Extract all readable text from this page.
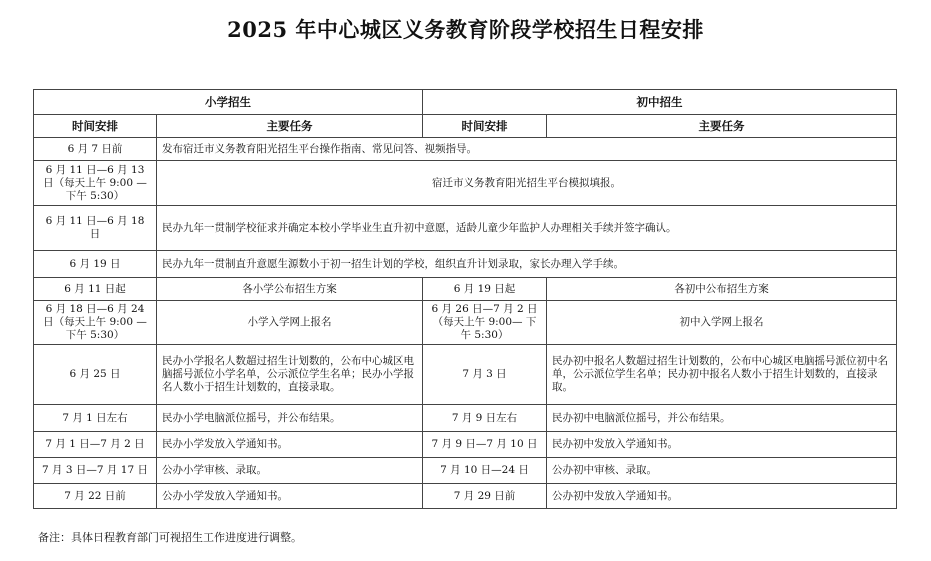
2025 年中心城区义务教育阶段学校招生日程安排
小学招生		初中招生	
时间安排	主要任务	时间安排	主要任务
6 月 7 日前	发布宿迁市义务教育阳光招生平台操作指南、常见问答、视频指导。		
6 月 11 日—6 月 13 日（每天上午 9:00 —下午 5:30）	宿迁市义务教育阳光招生平台模拟填报。		
6 月 11 日—6 月 18 日	民办九年一贯制学校征求并确定本校小学毕业生直升初中意愿，适龄儿童少年监护人办理相关手续并签字确认。		
6 月 19 日	民办九年一贯制直升意愿生源数小于初一招生计划的学校，组织直升计划录取，家长办理入学手续。		
6 月 11 日起	各小学公布招生方案	6 月 19 日起	各初中公布招生方案
6 月 18 日—6 月 24 日（每天上午 9:00 —下午 5:30）	小学入学网上报名	6 月 26 日—7 月 2 日（每天上午 9:00— 下午 5:30）	初中入学网上报名
6 月 25 日	民办小学报名人数超过招生计划数的，公布中心城区电脑摇号派位小学名单，公示派位学生名单；民办小学报名人数小于招生计划数的，直接录取。	7 月 3 日	民办初中报名人数超过招生计划数的，公布中心城区电脑摇号派位初中名单，公示派位学生名单；民办初中报名人数小于招生计划数的，直接录取。
7 月 1 日左右	民办小学电脑派位摇号，并公布结果。	7 月 9 日左右	民办初中电脑派位摇号，并公布结果。
7 月 1 日—7 月 2 日	民办小学发放入学通知书。	7 月 9 日—7 月 10 日	民办初中发放入学通知书。
7 月 3 日—7 月 17 日	公办小学审核、录取。	7 月 10 日—24 日	公办初中审核、录取。
7 月 22 日前	公办小学发放入学通知书。	7 月 29 日前	公办初中发放入学通知书。
备注：具体日程教育部门可视招生工作进度进行调整。
